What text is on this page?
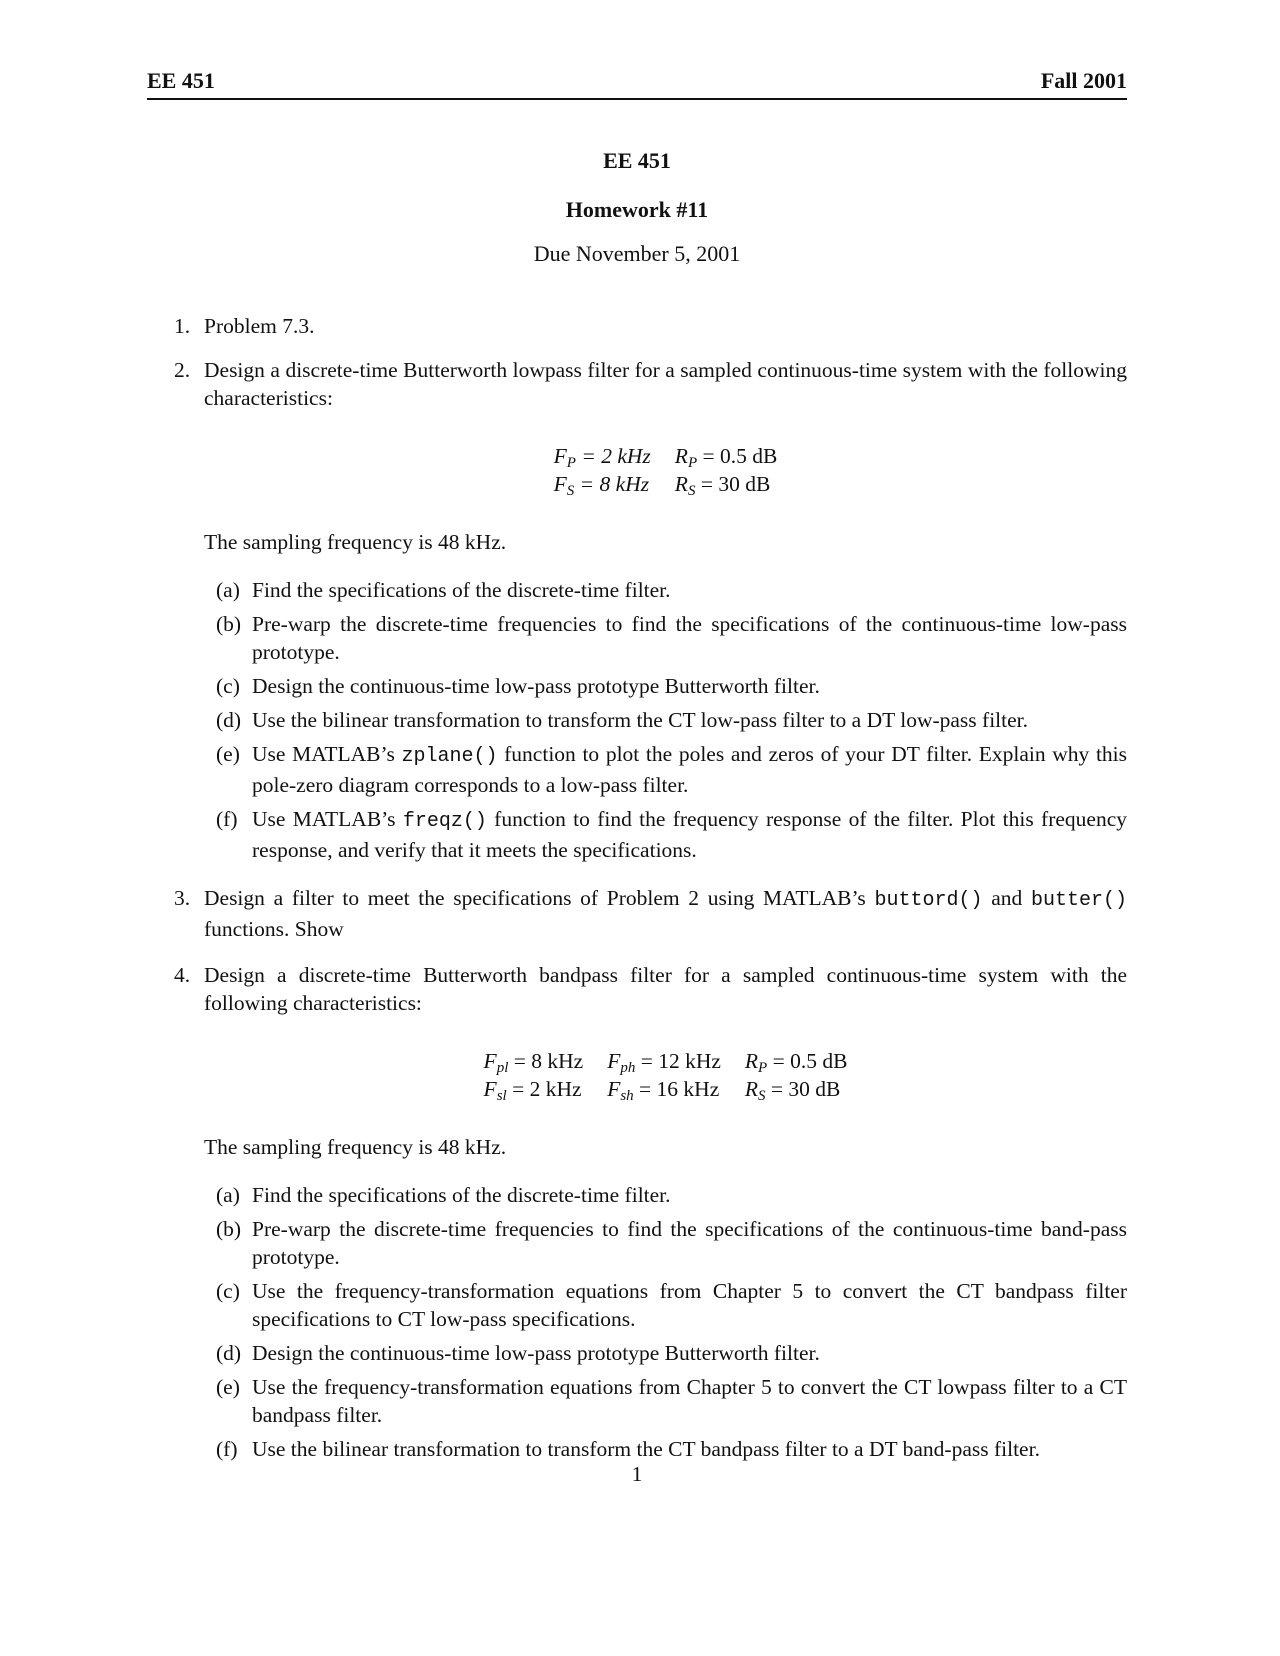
EE 451	Fall 2001
EE 451
Homework #11
Due November 5, 2001
1. Problem 7.3.
2. Design a discrete-time Butterworth lowpass filter for a sampled continuous-time system with the following characteristics:
$F_P = 2$ kHz	$R_P = 0.5$ dB
$F_S = 8$ kHz	$R_S = 30$ dB
The sampling frequency is 48 kHz.
(a) Find the specifications of the discrete-time filter.
(b) Pre-warp the discrete-time frequencies to find the specifications of the continuous-time low-pass prototype.
(c) Design the continuous-time low-pass prototype Butterworth filter.
(d) Use the bilinear transformation to transform the CT low-pass filter to a DT low-pass filter.
(e) Use MATLAB’s zplane() function to plot the poles and zeros of your DT filter. Explain why this pole-zero diagram corresponds to a low-pass filter.
(f) Use MATLAB’s freqz() function to find the frequency response of the filter. Plot this frequency response, and verify that it meets the specifications.
3. Design a filter to meet the specifications of Problem 2 using MATLAB’s buttord() and butter() functions. Show
4. Design a discrete-time Butterworth bandpass filter for a sampled continuous-time system with the following characteristics:
$F_{pl} = 8$ kHz	$F_{ph} = 12$ kHz	$R_P = 0.5$ dB
$F_{sl} = 2$ kHz	$F_{sh} = 16$ kHz	$R_S = 30$ dB
The sampling frequency is 48 kHz.
(a) Find the specifications of the discrete-time filter.
(b) Pre-warp the discrete-time frequencies to find the specifications of the continuous-time band-pass prototype.
(c) Use the frequency-transformation equations from Chapter 5 to convert the CT bandpass filter specifications to CT low-pass specifications.
(d) Design the continuous-time low-pass prototype Butterworth filter.
(e) Use the frequency-transformation equations from Chapter 5 to convert the CT lowpass filter to a CT bandpass filter.
(f) Use the bilinear transformation to transform the CT bandpass filter to a DT band-pass filter.
1
